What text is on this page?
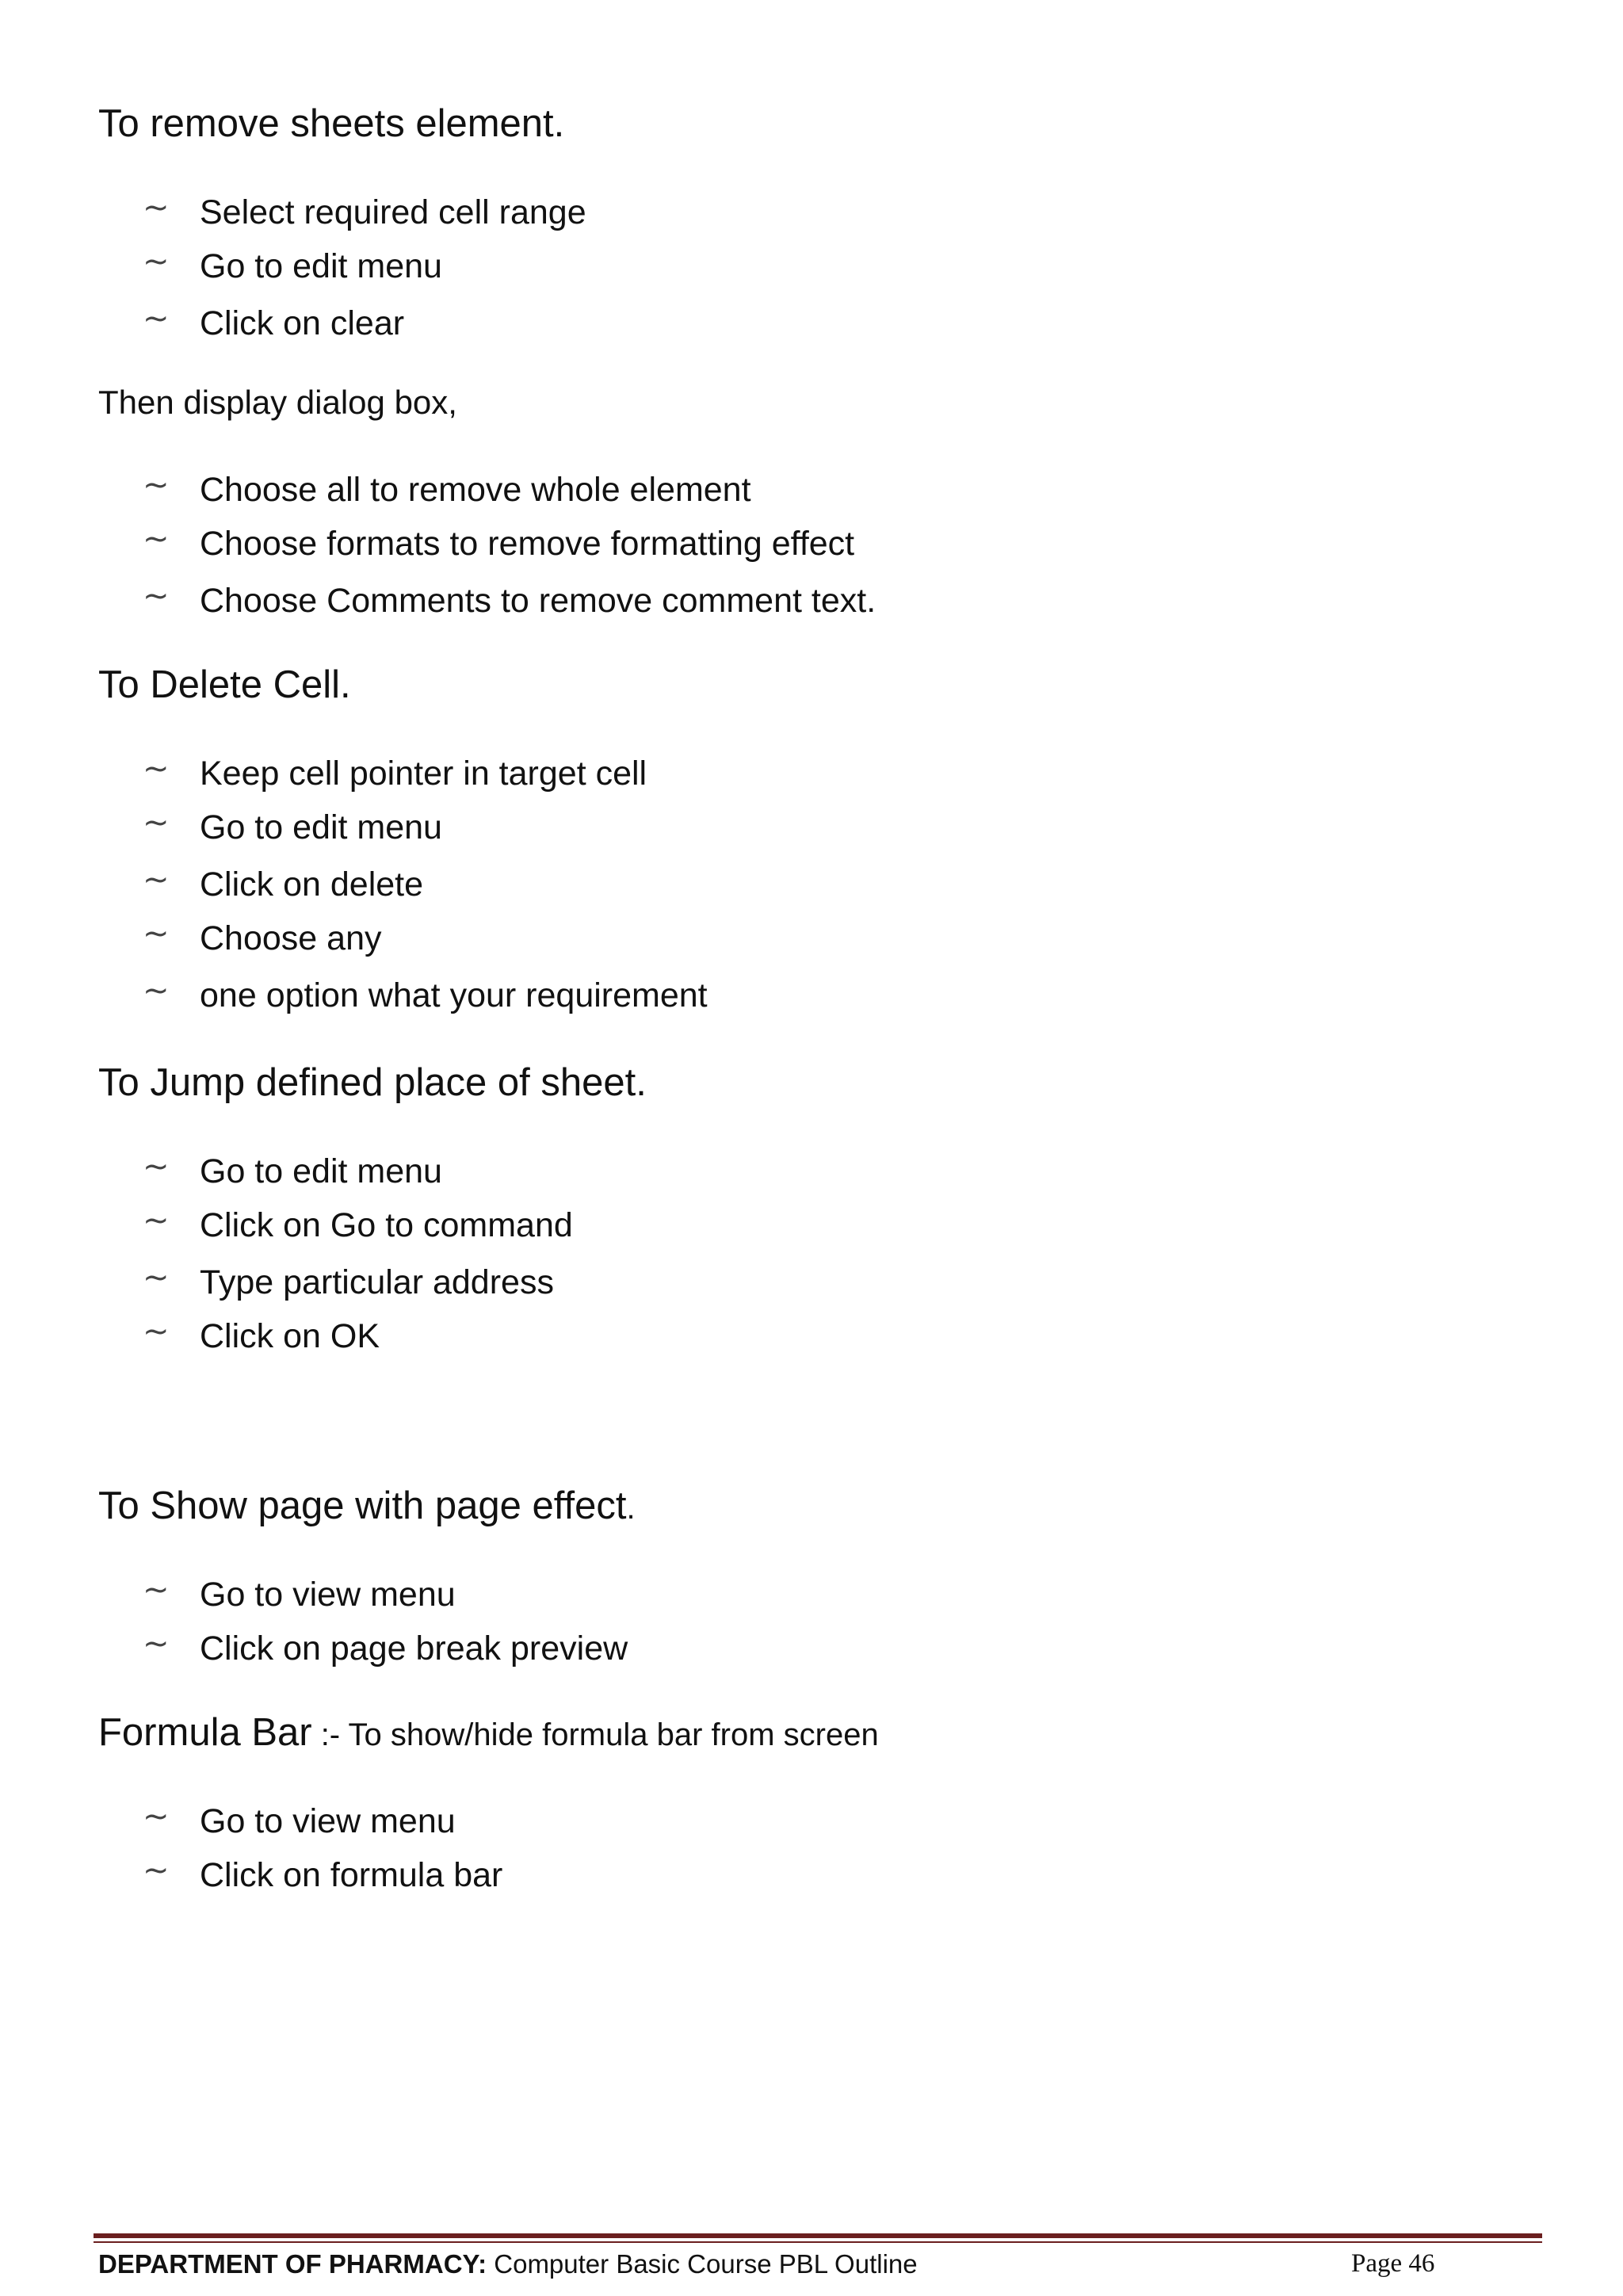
To remove sheets element.
~ Select required cell range
~ Go to edit menu
~ Click on clear
Then display dialog box,
~ Choose all to remove whole element
~ Choose formats to remove formatting effect
~ Choose Comments to remove comment text.
To Delete Cell.
~ Keep cell pointer in target cell
~ Go to edit menu
~ Click on delete
~ Choose any
~ one option what your requirement
To Jump defined place of sheet.
~ Go to edit menu
~ Click on Go to command
~ Type particular address
~ Click on OK
To Show page with page effect.
~ Go to view menu
~ Click on page break preview
Formula Bar :- To show/hide formula bar from screen
~ Go to view menu
~ Click on formula bar
DEPARTMENT OF PHARMACY: Computer Basic Course PBL Outline	Page 46
